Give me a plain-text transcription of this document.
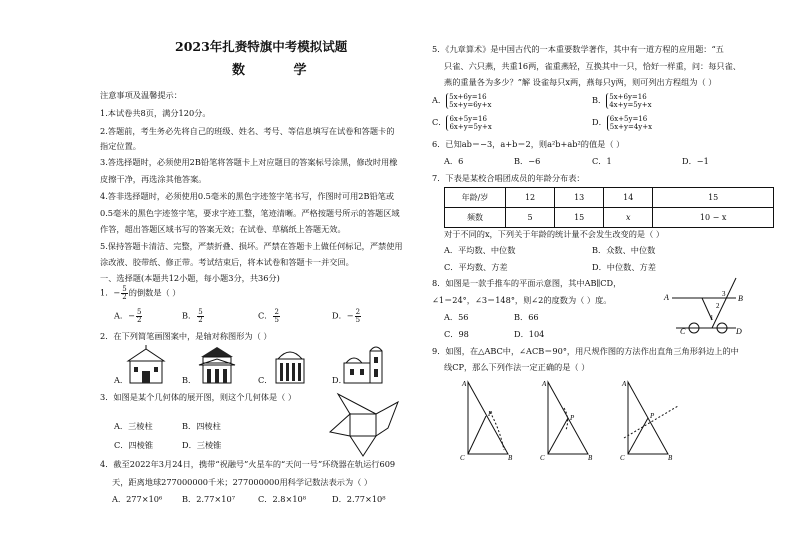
2023年扎赉特旗中考模拟试题
数 学
注意事项及温馨提示：
1.本试卷共8页，满分120分。
2.答题前，考生务必先将自己的班级、姓名、考号、等信息填写在试卷和答题卡的
指定位置。
3.答选择题时，必须使用2B铅笔将答题卡上对应题目的答案标号涂黑，修改时用橡
皮擦干净，再选涂其他答案。
4.答非选择题时，必须使用0.5毫米的黑色字迹签字笔书写，作图时可用2B铅笔或
0.5毫米的黑色字迹签字笔，要求字迹工整，笔迹清晰。严格按题号所示的答题区域
作答，超出答题区域书写的答案无效；在试卷、草稿纸上答题无效。
5.保持答题卡清洁、完整，严禁折叠、损坏。严禁在答题卡上做任何标记，严禁使用
涂改液、胶带纸、修正带。考试结束后，将本试卷和答题卡一并交回。
一、选择题(本题共12小题，每小题3分，共36分)
1．− $\frac{5}{2}$ 的倒数是（ ）
A．− $\frac{5}{2}$	B． $\frac{5}{2}$	C． $\frac{2}{5}$	D．− $\frac{2}{5}$
2．在下列简笔画图案中，是轴对称图形为（ ）
A．	B．	C．	D．
3．如图是某个几何体的展开图，则这个几何体是（ ）
A．三棱柱	B．四棱柱
C．四棱锥	D．三棱锥
4．截至2022年3月24日，携带“祝融号”火星车的“天问一号”环绕器在轨运行609
天，距离地球277000000千米；277000000用科学记数法表示为（ ）
A．277×10⁶ B．2.77×10⁷	C．2.8×10⁸	D．2.77×10⁸
5．《九章算术》是中国古代的一本重要数学著作，其中有一道方程的应用题：“五
只雀、六只燕，共重16两，雀重燕轻，互换其中一只，恰好一样重，问：每只雀、
燕的重量各为多少？”解 设雀每只x两，燕每只y两，则可列出方程组为（ ）
A． 5x+6y=16
5x+y=6y+x	B． 5x+6y=16
4x+y=5y+x
C． 6x+5y=16
6x+y=5y+x	D． 6x+5y=16
5x+y=4y+x
6．已知ab＝−3，a+b＝2，则a²b+ab²的值是（ ）
A．6	B．−6	C．1	D．−1
7．下表是某校合唱团成员的年龄分布表：
年龄/岁	12	13	14	15
频数	5	15	x	10 − x
对于不同的x，下列关于年龄的统计量不会发生改变的是（ ）
A．平均数、中位数	B．众数、中位数
C．平均数、方差	D．中位数、方差
8．如图是一款手推车的平面示意图，其中AB∥CD，
∠1＝24°，∠3＝148°，则∠2的度数为（ ）度。
A．56	B．66
C．98	D．104
A	B
C	D
1
2
3
9．如图，在△ABC中，∠ACB＝90°，用尺规作图的方法作出直角三角形斜边上的中
线CP，那么下列作法一定正确的是（ ）
A
C	B
P
A
C	B
P
A
C	B
P
